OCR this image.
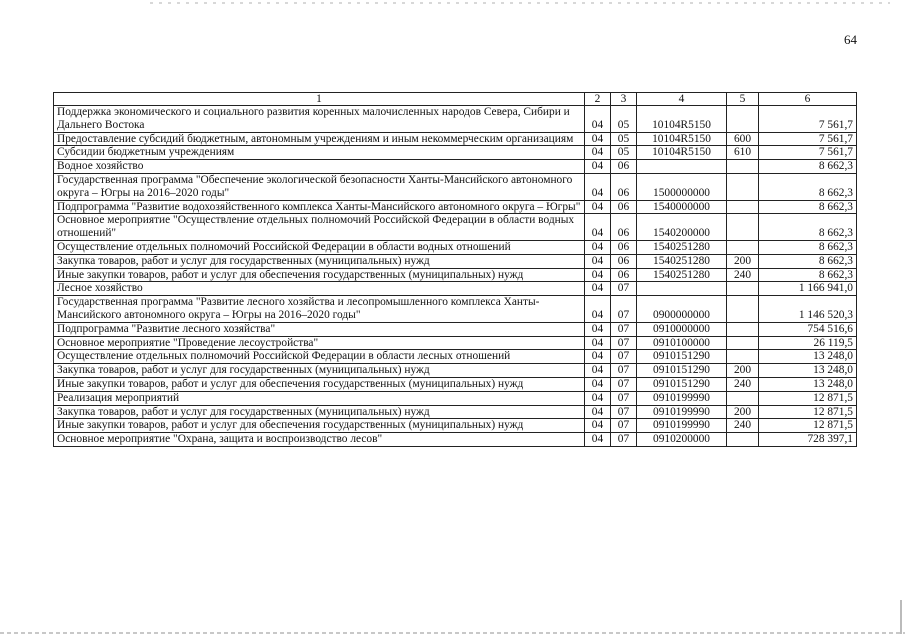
64
1	2	3	4	5	6
Поддержка экономического и социального развития коренных малочисленных народов Севера, Сибири и Дальнего Востока	04	05	10104R5150		7 561,7
Предоставление субсидий бюджетным, автономным учреждениям и иным некоммерческим организациям	04	05	10104R5150	600	7 561,7
Субсидии бюджетным учреждениям	04	05	10104R5150	610	7 561,7
Водное хозяйство	04	06			8 662,3
Государственная программа "Обеспечение экологической безопасности Ханты-Мансийского автономного округа – Югры на 2016–2020 годы"	04	06	1500000000		8 662,3
Подпрограмма "Развитие водохозяйственного комплекса Ханты-Мансийского автономного округа – Югры"	04	06	1540000000		8 662,3
Основное мероприятие "Осуществление отдельных полномочий Российской Федерации в области водных отношений"	04	06	1540200000		8 662,3
Осуществление отдельных полномочий Российской Федерации в области водных отношений	04	06	1540251280		8 662,3
Закупка товаров, работ и услуг для государственных (муниципальных) нужд	04	06	1540251280	200	8 662,3
Иные закупки товаров, работ и услуг для обеспечения государственных (муниципальных) нужд	04	06	1540251280	240	8 662,3
Лесное хозяйство	04	07			1 166 941,0
Государственная программа "Развитие лесного хозяйства и лесопромышленного комплекса Ханты-Мансийского автономного округа – Югры на 2016–2020 годы"	04	07	0900000000		1 146 520,3
Подпрограмма "Развитие лесного хозяйства"	04	07	0910000000		754 516,6
Основное мероприятие "Проведение лесоустройства"	04	07	0910100000		26 119,5
Осуществление отдельных полномочий Российской Федерации в области лесных отношений	04	07	0910151290		13 248,0
Закупка товаров, работ и услуг для государственных (муниципальных) нужд	04	07	0910151290	200	13 248,0
Иные закупки товаров, работ и услуг для обеспечения государственных (муниципальных) нужд	04	07	0910151290	240	13 248,0
Реализация мероприятий	04	07	0910199990		12 871,5
Закупка товаров, работ и услуг для государственных (муниципальных) нужд	04	07	0910199990	200	12 871,5
Иные закупки товаров, работ и услуг для обеспечения государственных (муниципальных) нужд	04	07	0910199990	240	12 871,5
Основное мероприятие "Охрана, защита и воспроизводство лесов"	04	07	0910200000		728 397,1
